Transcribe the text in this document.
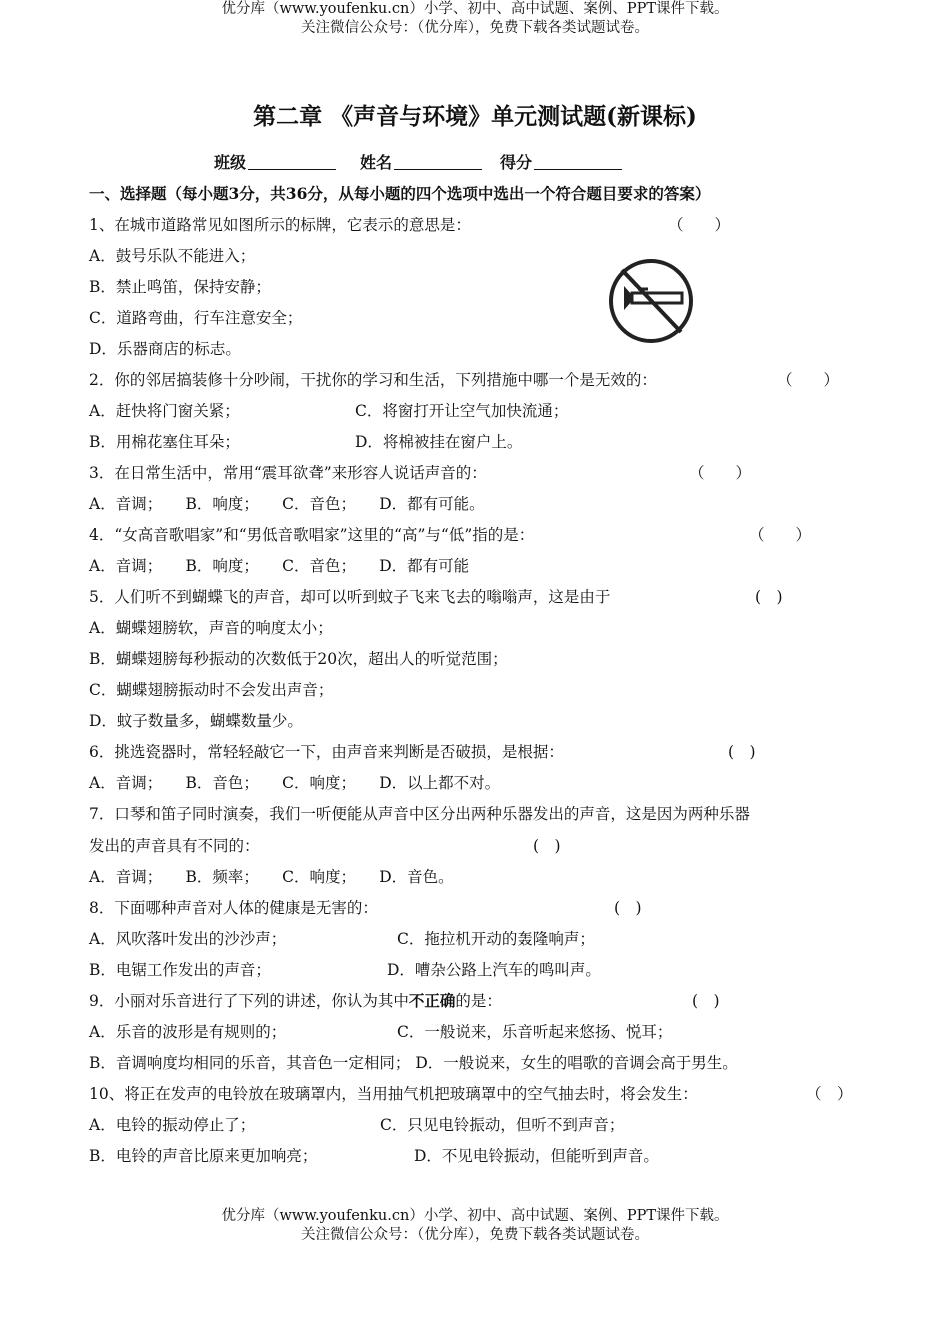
优分库（www.youfenku.cn）小学、初中、高中试题、案例、PPT课件下载。
关注微信公众号：（优分库），免费下载各类试题试卷。
第二章 《声音与环境》单元测试题(新课标)
班级	姓名	得分
一、选择题（每小题3分，共36分，从每小题的四个选项中选出一个符合题目要求的答案）
1、在城市道路常见如图所示的标牌，它表示的意思是：	（　　）
A．鼓号乐队不能进入；
B．禁止鸣笛，保持安静；
C．道路弯曲，行车注意安全；
D．乐器商店的标志。
2．你的邻居搞装修十分吵闹，干扰你的学习和生活，下列措施中哪一个是无效的：	（　　）
A．赶快将门窗关紧；	C．将窗打开让空气加快流通；
B．用棉花塞住耳朵；	D．将棉被挂在窗户上。
3．在日常生活中，常用“震耳欲聋”来形容人说话声音的：	（　　）
A．音调；　　B．响度；　　C．音色；　　D．都有可能。
4．“女高音歌唱家”和“男低音歌唱家”这里的“高”与“低”指的是：	（　　）
A．音调；　　B．响度；　　C．音色；　　D．都有可能
5．人们听不到蝴蝶飞的声音，却可以听到蚊子飞来飞去的嗡嗡声，这是由于	(　)
A．蝴蝶翅膀软，声音的响度太小；
B．蝴蝶翅膀每秒振动的次数低于20次，超出人的听觉范围；
C．蝴蝶翅膀振动时不会发出声音；
D．蚊子数量多，蝴蝶数量少。
6．挑选瓷器时，常轻轻敲它一下，由声音来判断是否破损，是根据：	(　)
A．音调；　　B．音色；　　C．响度；　　D．以上都不对。
7．口琴和笛子同时演奏，我们一听便能从声音中区分出两种乐器发出的声音，这是因为两种乐器
发出的声音具有不同的：	(　)
A．音调；　　B．频率；　　C．响度；　　D．音色。
8．下面哪种声音对人体的健康是无害的：	(　)
A．风吹落叶发出的沙沙声；	C．拖拉机开动的轰隆响声；
B．电锯工作发出的声音；	D．嘈杂公路上汽车的鸣叫声。
9．小丽对乐音进行了下列的讲述，你认为其中不正确的是：	(　)
A．乐音的波形是有规则的；	C．一般说来，乐音听起来悠扬、悦耳；
B．音调响度均相同的乐音，其音色一定相同； D．一般说来，女生的唱歌的音调会高于男生。
10、将正在发声的电铃放在玻璃罩内，当用抽气机把玻璃罩中的空气抽去时，将会发生：	（　）
A．电铃的振动停止了；	C．只见电铃振动，但听不到声音；
B．电铃的声音比原来更加响亮；	D．不见电铃振动，但能听到声音。
优分库（www.youfenku.cn）小学、初中、高中试题、案例、PPT课件下载。
关注微信公众号：（优分库），免费下载各类试题试卷。
